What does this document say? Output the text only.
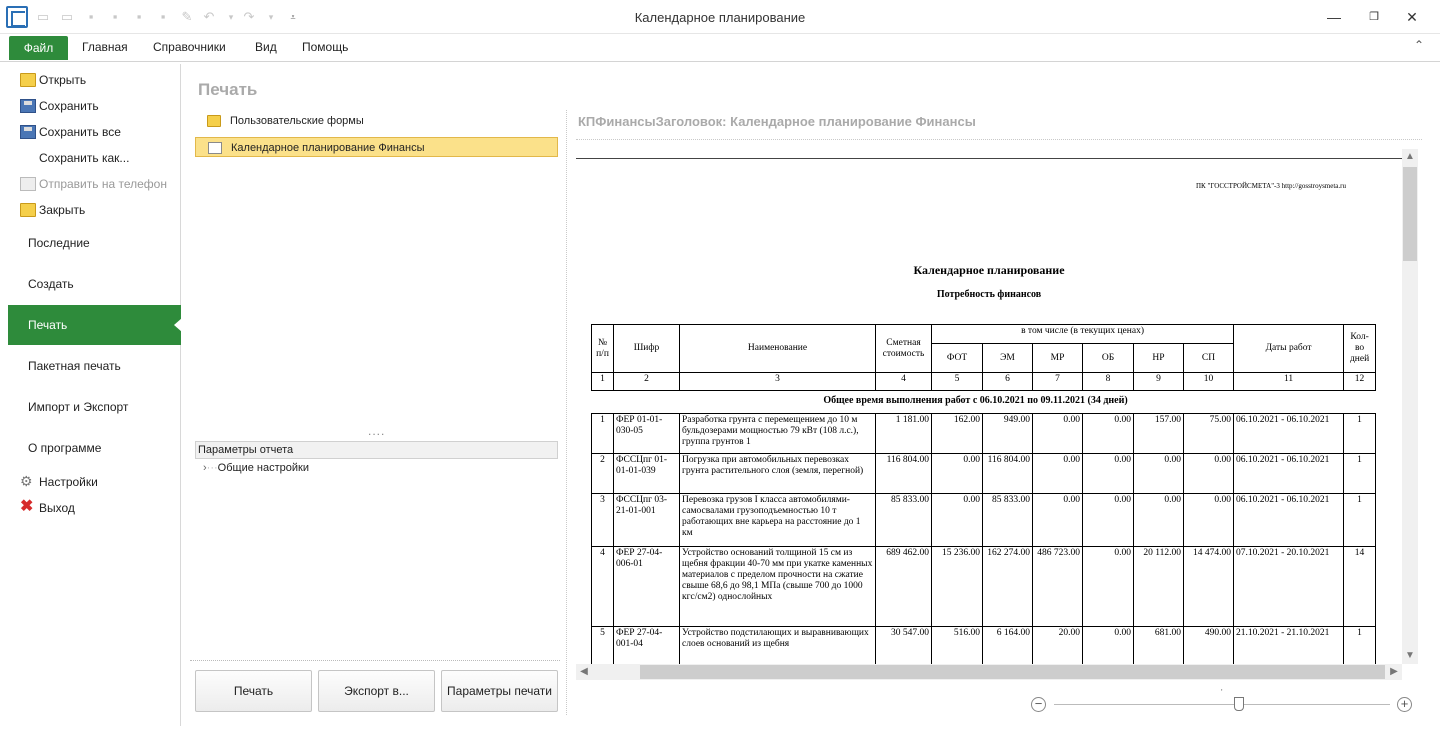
▭ ▭	▪	▪	▪	▪	✎ ↶	▾ ↷	▾	⩡	Календарное планирование	—	❐	✕
Файл	Главная Справочники Вид Помощь	⌃
Открыть
Сохранить
Сохранить все
Сохранить как...
Отправить на телефон
Закрыть
Последние
Создать
Печать
Пакетная печать
Импорт и Экспорт
О программе
⚙ Настройки
✖ Выход
Печать
Пользовательские формы
Календарное планирование Финансы
....
Параметры отчета
›···Общие настройки
Печать	Экспорт в...	Параметры печати
КПФинансыЗаголовок: Календарное планирование Финансы
ПК "ГОССТРОЙСМЕТА"-3 http://gosstroysmeta.ru
Календарное планирование
Потребность финансов
№ п/п	Шифр	Наименование	Сметная стоимость	в том числе (в текущих ценах)						Даты работ	Кол-во дней
				ФОТ	ЭМ	МР	ОБ	НР	СП		
1	2	3	4	5	6	7	8	9	10	11	12
Общее время выполнения работ с 06.10.2021 по 09.11.2021 (34 дней)
1	ФЕР 01-01-030-05	Разработка грунта с перемещением до 10 м бульдозерами мощностью 79 кВт (108 л.с.), группа грунтов 1	1 181.00	162.00	949.00	0.00	0.00	157.00	75.00	06.10.2021 - 06.10.2021	1
2	ФССЦпг 01-01-01-039	Погрузка при автомобильных перевозках грунта растительного слоя (земля, перегной)	116 804.00	0.00	116 804.00	0.00	0.00	0.00	0.00	06.10.2021 - 06.10.2021	1
3	ФССЦпг 03-21-01-001	Перевозка грузов I класса автомобилями-самосвалами грузоподъемностью 10 т работающих вне карьера на расстояние до 1 км	85 833.00	0.00	85 833.00	0.00	0.00	0.00	0.00	06.10.2021 - 06.10.2021	1
4	ФЕР 27-04-006-01	Устройство оснований толщиной 15 см из щебня фракции 40-70 мм при укатке каменных материалов с пределом прочности на сжатие свыше 68,6 до 98,1 МПа (свыше 700 до 1000 кгс/см2) однослойных	689 462.00	15 236.00	162 274.00	486 723.00	0.00	20 112.00	14 474.00	07.10.2021 - 20.10.2021	14
5	ФЕР 27-04-001-04	Устройство подстилающих и выравнивающих слоев оснований из щебня	30 547.00	516.00	6 164.00	20.00	0.00	681.00	490.00	21.10.2021 - 21.10.2021	1
▲
▼
◀	▶
'
−	+
